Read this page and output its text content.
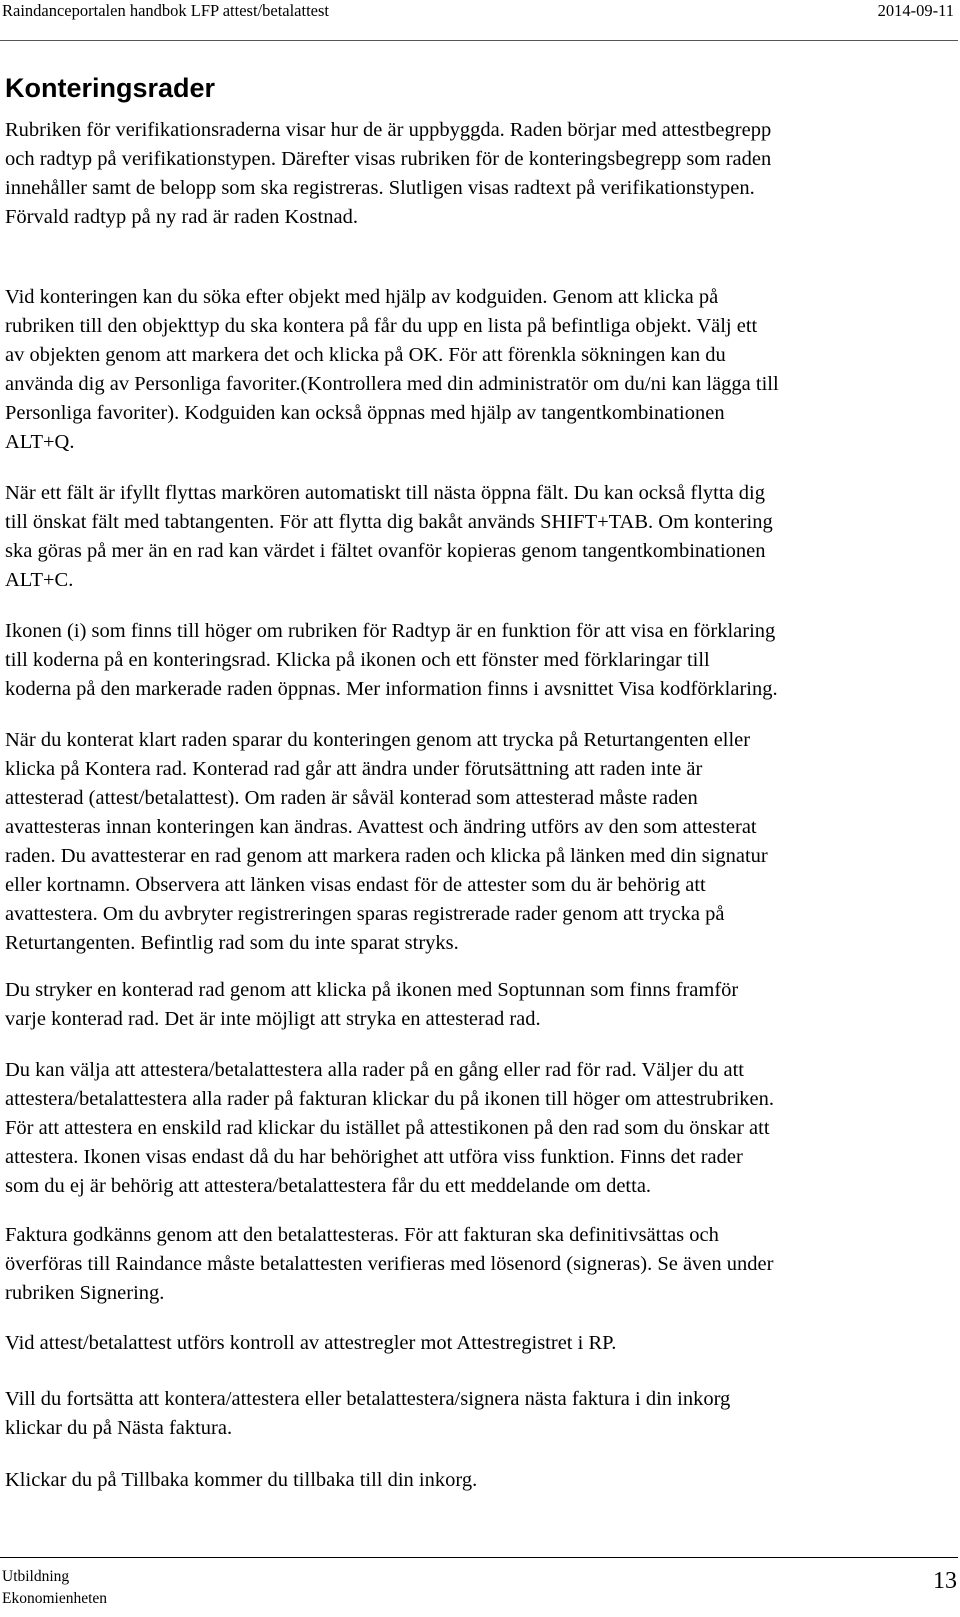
Raindanceportalen handbok LFP attest/betalattest	2014-09-11
Konteringsrader
Rubriken för verifikationsraderna visar hur de är uppbyggda. Raden börjar med attestbegrepp
och radtyp på verifikationstypen. Därefter visas rubriken för de konteringsbegrepp som raden
innehåller samt de belopp som ska registreras. Slutligen visas radtext på verifikationstypen.
Förvald radtyp på ny rad är raden Kostnad.
Vid konteringen kan du söka efter objekt med hjälp av kodguiden. Genom att klicka på
rubriken till den objekttyp du ska kontera på får du upp en lista på befintliga objekt. Välj ett
av objekten genom att markera det och klicka på OK. För att förenkla sökningen kan du
använda dig av Personliga favoriter.(Kontrollera med din administratör om du/ni kan lägga till
Personliga favoriter). Kodguiden kan också öppnas med hjälp av tangentkombinationen
ALT+Q.
När ett fält är ifyllt flyttas markören automatiskt till nästa öppna fält. Du kan också flytta dig
till önskat fält med tabtangenten. För att flytta dig bakåt används SHIFT+TAB. Om kontering
ska göras på mer än en rad kan värdet i fältet ovanför kopieras genom tangentkombinationen
ALT+C.
Ikonen (i) som finns till höger om rubriken för Radtyp är en funktion för att visa en förklaring
till koderna på en konteringsrad. Klicka på ikonen och ett fönster med förklaringar till
koderna på den markerade raden öppnas. Mer information finns i avsnittet Visa kodförklaring.
När du konterat klart raden sparar du konteringen genom att trycka på Returtangenten eller
klicka på Kontera rad. Konterad rad går att ändra under förutsättning att raden inte är
attesterad (attest/betalattest). Om raden är såväl konterad som attesterad måste raden
avattesteras innan konteringen kan ändras. Avattest och ändring utförs av den som attesterat
raden. Du avattesterar en rad genom att markera raden och klicka på länken med din signatur
eller kortnamn. Observera att länken visas endast för de attester som du är behörig att
avattestera. Om du avbryter registreringen sparas registrerade rader genom att trycka på
Returtangenten. Befintlig rad som du inte sparat stryks.
Du stryker en konterad rad genom att klicka på ikonen med Soptunnan som finns framför
varje konterad rad. Det är inte möjligt att stryka en attesterad rad.
Du kan välja att attestera/betalattestera alla rader på en gång eller rad för rad. Väljer du att
attestera/betalattestera alla rader på fakturan klickar du på ikonen till höger om attestrubriken.
För att attestera en enskild rad klickar du istället på attestikonen på den rad som du önskar att
attestera. Ikonen visas endast då du har behörighet att utföra viss funktion. Finns det rader
som du ej är behörig att attestera/betalattestera får du ett meddelande om detta.
Faktura godkänns genom att den betalattesteras. För att fakturan ska definitivsättas och
överföras till Raindance måste betalattesten verifieras med lösenord (signeras). Se även under
rubriken Signering.
Vid attest/betalattest utförs kontroll av attestregler mot Attestregistret i RP.
Vill du fortsätta att kontera/attestera eller betalattestera/signera nästa faktura i din inkorg
klickar du på Nästa faktura.
Klickar du på Tillbaka kommer du tillbaka till din inkorg.
Utbildning
Ekonomienheten
13
